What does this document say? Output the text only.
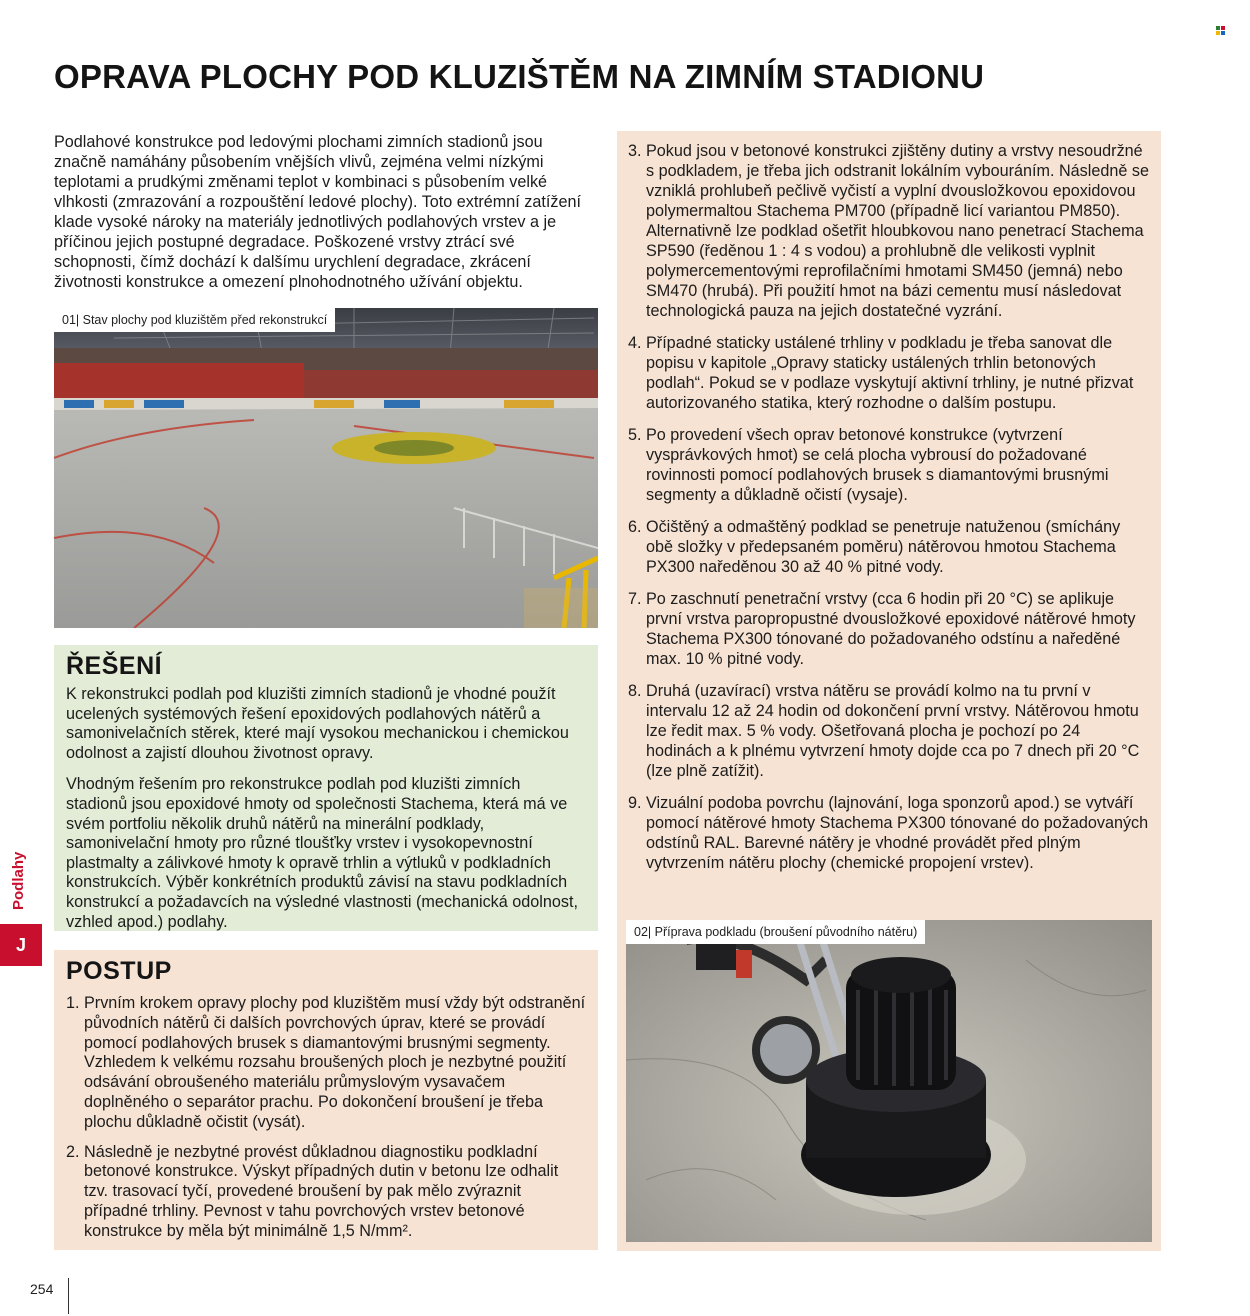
OPRAVA PLOCHY POD KLUZIŠTĚM NA ZIMNÍM STADIONU

Podlahové konstrukce pod ledovými plochami zimních stadionů jsou značně namáhány působením vnějších vlivů, zejména velmi nízkými teplotami a prudkými změnami teplot v kombinaci s působením velké vlhkosti (zmrazování a rozpouštění ledové plochy). Toto extrémní zatížení klade vysoké nároky na materiály jednotlivých podlahových vrstev a je příčinou jejich postupné degradace. Poškozené vrstvy ztrácí své schopnosti, čímž dochází k dalšímu urychlení degradace, zkrácení životnosti konstrukce a omezení plnohodnotného užívání objektu.

01| Stav plochy pod kluzištěm před rekonstrukcí
ŘEŠENÍ

K rekonstrukci podlah pod kluzišti zimních stadionů je vhodné použít ucelených systémových řešení epoxidových podlahových nátěrů a samonivelačních stěrek, které mají vysokou mechanickou i chemickou odolnost a zajistí dlouhou životnost opravy.

Vhodným řešením pro rekonstrukce podlah pod kluzišti zimních stadionů jsou epoxidové hmoty od společnosti Stachema, která má ve svém portfoliu několik druhů nátěrů na minerální podklady, samonivelační hmoty pro různé tloušťky vrstev i vysokopevnostní plastmalty a zálivkové hmoty k opravě trhlin a výtluků v podkladních konstrukcích. Výběr konkrétních produktů závisí na stavu podkladních konstrukcí a požadavcích na výsledné vlastnosti (mechanická odolnost, vzhled apod.) podlahy.

POSTUP
1. Prvním krokem opravy plochy pod kluzištěm musí vždy být odstranění původních nátěrů či dalších povrchových úprav, které se provádí pomocí podlahových brusek s diamantovými brusnými segmenty. Vzhledem k velkému rozsahu broušených ploch je nezbytné použití odsávání obroušeného materiálu průmyslovým vysavačem doplněného o separátor prachu. Po dokončení broušení je třeba plochu důkladně očistit (vysát).
2. Následně je nezbytné provést důkladnou diagnostiku podkladní betonové konstrukce. Výskyt případných dutin v betonu lze odhalit tzv. trasovací tyčí, provedené broušení by pak mělo zvýraznit případné trhliny. Pevnost v tahu povrchových vrstev betonové konstrukce by měla být minimálně 1,5 N/mm².
3. Pokud jsou v betonové konstrukci zjištěny dutiny a vrstvy nesoudržné s podkladem, je třeba jich odstranit lokálním vybouráním. Následně se vzniklá prohlubeň pečlivě vyčistí a vyplní dvousložkovou epoxidovou polymermaltou Stachema PM700 (případně licí variantou PM850). Alternativně lze podklad ošetřit hloubkovou nano penetrací Stachema SP590 (ředěnou 1 : 4 s vodou) a prohlubně dle velikosti vyplnit polymercementovými reprofilačními hmotami SM450 (jemná) nebo SM470 (hrubá). Při použití hmot na bázi cementu musí následovat technologická pauza na jejich dostatečné vyzrání.
4. Případné staticky ustálené trhliny v podkladu je třeba sanovat dle popisu v kapitole „Opravy staticky ustálených trhlin betonových podlah“. Pokud se v podlaze vyskytují aktivní trhliny, je nutné přizvat autorizovaného statika, který rozhodne o dalším postupu.
5. Po provedení všech oprav betonové konstrukce (vytvrzení vysprávkových hmot) se celá plocha vybrousí do požadované rovinnosti pomocí podlahových brusek s diamantovými brusnými segmenty a důkladně očistí (vysaje).
6. Očištěný a odmaštěný podklad se penetruje natuženou (smíchány obě složky v předepsaném poměru) nátěrovou hmotou Stachema PX300 naředěnou 30 až 40 % pitné vody.
7. Po zaschnutí penetrační vrstvy (cca 6 hodin při 20 °C) se aplikuje první vrstva paropropustné dvousložkové epoxidové nátěrové hmoty Stachema PX300 tónované do požadovaného odstínu a naředěné max. 10 % pitné vody.
8. Druhá (uzavírací) vrstva nátěru se provádí kolmo na tu první v intervalu 12 až 24 hodin od dokončení první vrstvy. Nátěrovou hmotu lze ředit max. 5 % vody. Ošetřovaná plocha je pochozí po 24 hodinách a k plnému vytvrzení hmoty dojde cca po 7 dnech při 20 °C (lze plně zatížit).
9. Vizuální podoba povrchu (lajnování, loga sponzorů apod.) se vytváří pomocí nátěrové hmoty Stachema PX300 tónované do požadovaných odstínů RAL. Barevné nátěry je vhodné provádět před plným vytvrzením nátěru plochy (chemické propojení vrstev).
02| Příprava podkladu (broušení původního nátěru)
Podlahy
J
254
